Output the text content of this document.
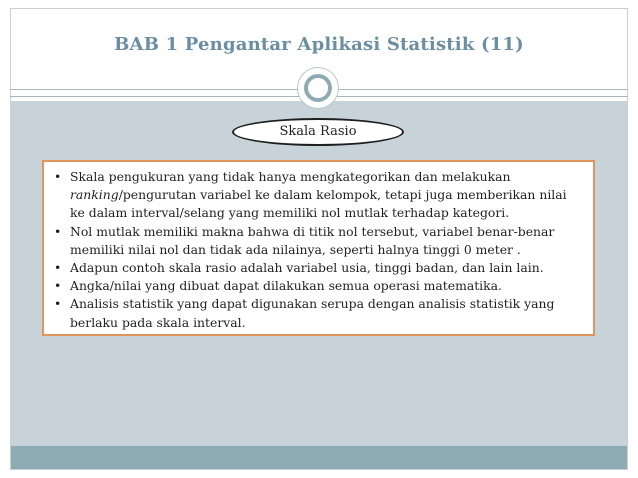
BAB 1 Pengantar Aplikasi Statistik (11)
Skala Rasio
• Skala pengukuran yang tidak hanya mengkategorikan dan melakukan ranking/pengurutan variabel ke dalam kelompok, tetapi juga memberikan nilai ke dalam interval/selang yang memiliki nol mutlak terhadap kategori.
• Nol mutlak memiliki makna bahwa di titik nol tersebut, variabel benar-benar memiliki nilai nol dan tidak ada nilainya, seperti halnya tinggi 0 meter .
• Adapun contoh skala rasio adalah variabel usia, tinggi badan, dan lain lain.
• Angka/nilai yang dibuat dapat dilakukan semua operasi matematika.
• Analisis statistik yang dapat digunakan serupa dengan analisis statistik yang berlaku pada skala interval.
